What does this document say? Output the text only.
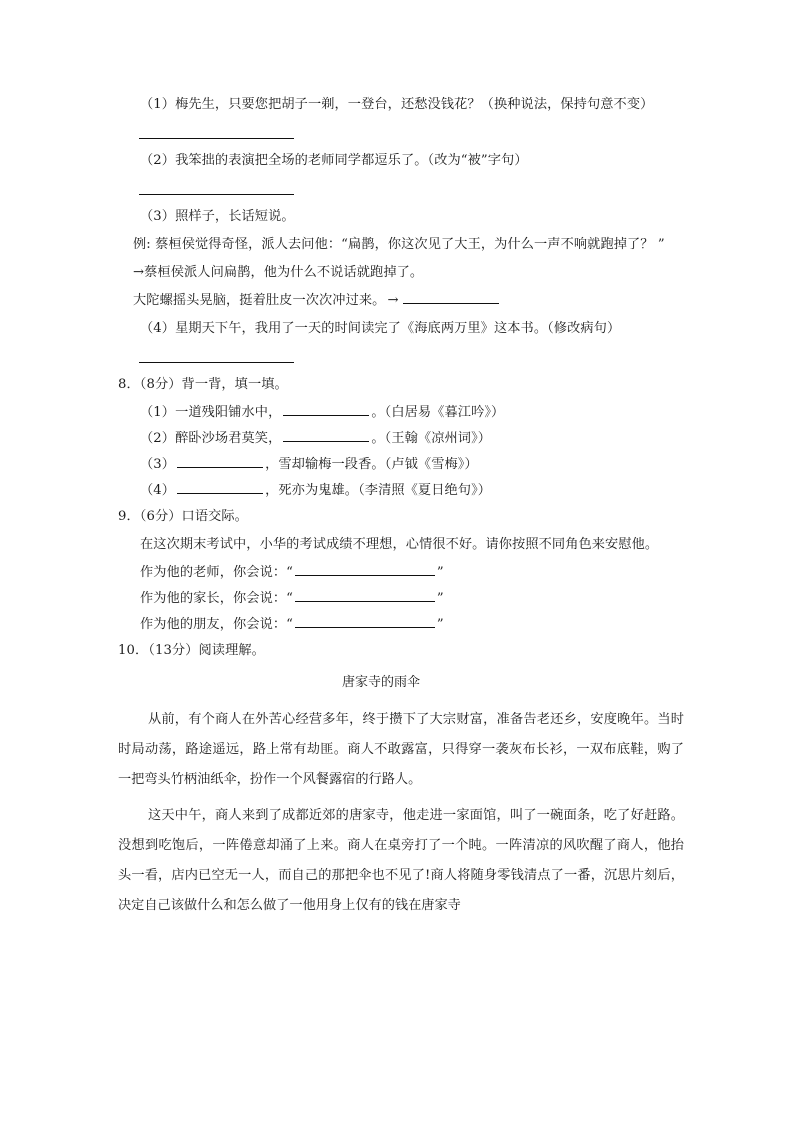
（1）梅先生，只要您把胡子一剃，一登台，还愁没钱花？（换种说法，保持句意不变）
（2）我笨拙的表演把全场的老师同学都逗乐了。（改为“被”字句）
（3）照样子，长话短说。
例: 蔡桓侯觉得奇怪，派人去问他：“扁鹊，你这次见了大王，为什么一声不响就跑掉了？ ”
→蔡桓侯派人问扁鹊，他为什么不说话就跑掉了。
大陀螺摇头晃脑，挺着肚皮一次次冲过来。 →
（4）星期天下午，我用了一天的时间读完了《海底两万里》这本书。（修改病句）
8．（8分）背一背，填一填。
（1）一道残阳铺水中，	。（白居易《暮江吟》）
（2）醉卧沙场君莫笑，	。（王翰《凉州词》）
（3）	，雪却输梅一段香。（卢钺《雪梅》）
（4）	，死亦为鬼雄。（李清照《夏日绝句》）
9．（6分）口语交际。
在这次期末考试中，小华的考试成绩不理想，心情很不好。请你按照不同角色来安慰他。
作为他的老师，你会说：“	”
作为他的家长，你会说：“	”
作为他的朋友，你会说：“	”
10．（13分）阅读理解。
唐家寺的雨伞
从前，有个商人在外苦心经营多年，终于攒下了大宗财富，准备告老还乡，安度晚年。当时时局动荡，路途遥远，路上常有劫匪。商人不敢露富，只得穿一袭灰布长衫，一双布底鞋，购了一把弯头竹柄油纸伞，扮作一个风餐露宿的行路人。
这天中午，商人来到了成都近郊的唐家寺，他走进一家面馆，叫了一碗面条，吃了好赶路。没想到吃饱后，一阵倦意却涌了上来。商人在桌旁打了一个盹。一阵清凉的风吹醒了商人，他抬头一看，店内已空无一人，而自己的那把伞也不见了!商人将随身零钱清点了一番，沉思片刻后，决定自己该做什么和怎么做了一他用身上仅有的钱在唐家寺
